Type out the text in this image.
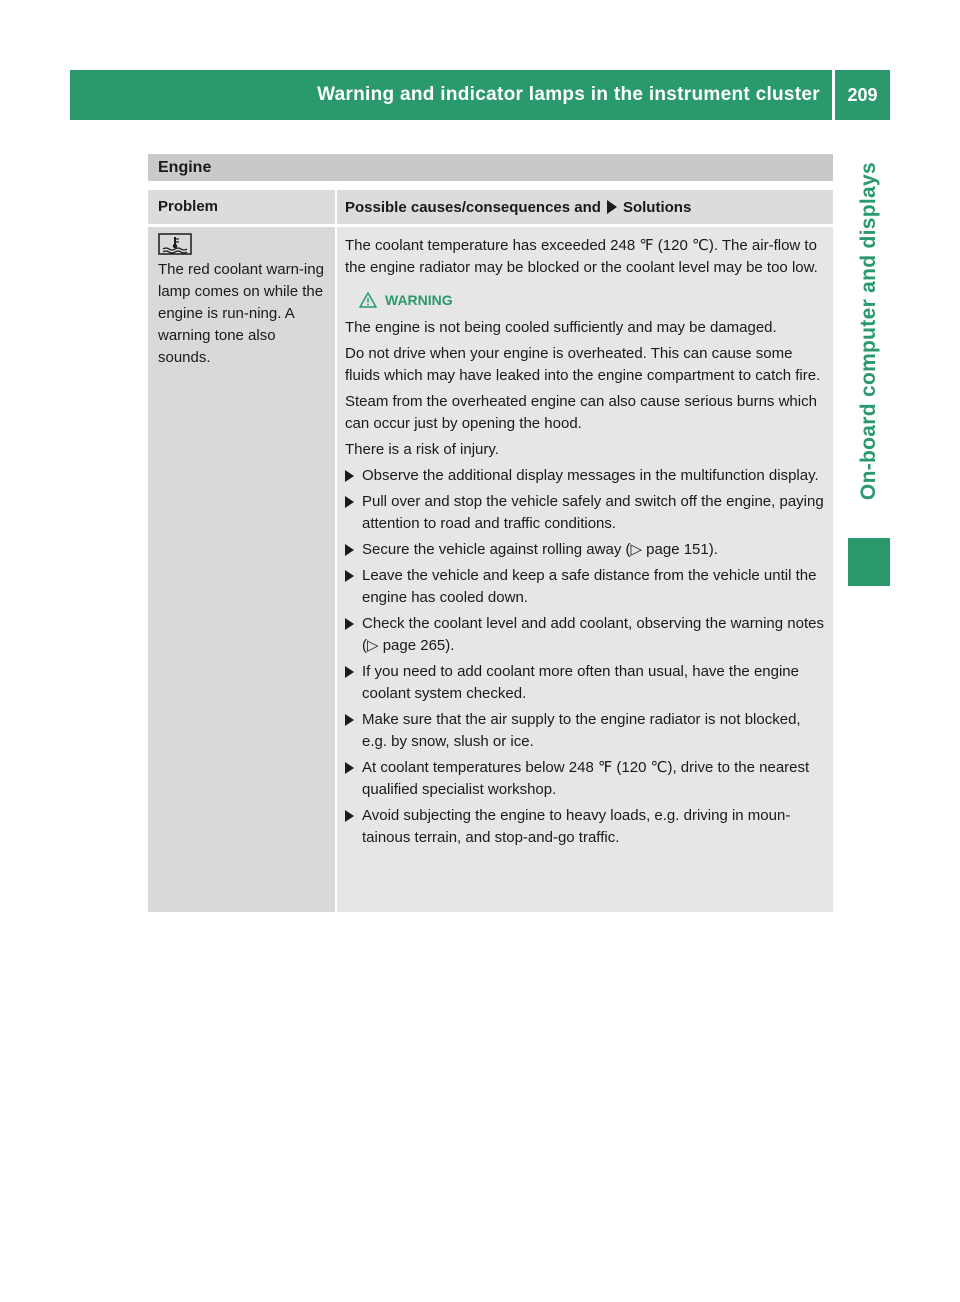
Warning and indicator lamps in the instrument cluster	209
On-board computer and displays
Engine
Problem	Possible causes/consequences and Solutions
The red coolant warn-ing lamp comes on while the engine is run-ning. A warning tone also sounds.

The coolant temperature has exceeded 248 ℉ (120 ℃). The air-flow to the engine radiator may be blocked or the coolant level may be too low.

WARNING

The engine is not being cooled sufficiently and may be damaged.

Do not drive when your engine is overheated. This can cause some fluids which may have leaked into the engine compartment to catch fire.

Steam from the overheated engine can also cause serious burns which can occur just by opening the hood.

There is a risk of injury.

Observe the additional display messages in the multifunction display.
Pull over and stop the vehicle safely and switch off the engine, paying attention to road and traffic conditions.
Secure the vehicle against rolling away (▷ page 151).
Leave the vehicle and keep a safe distance from the vehicle until the engine has cooled down.
Check the coolant level and add coolant, observing the warning notes (▷ page 265).
If you need to add coolant more often than usual, have the engine coolant system checked.
Make sure that the air supply to the engine radiator is not blocked, e.g. by snow, slush or ice.
At coolant temperatures below 248 ℉ (120 ℃), drive to the nearest qualified specialist workshop.
Avoid subjecting the engine to heavy loads, e.g. driving in moun-tainous terrain, and stop-and-go traffic.
